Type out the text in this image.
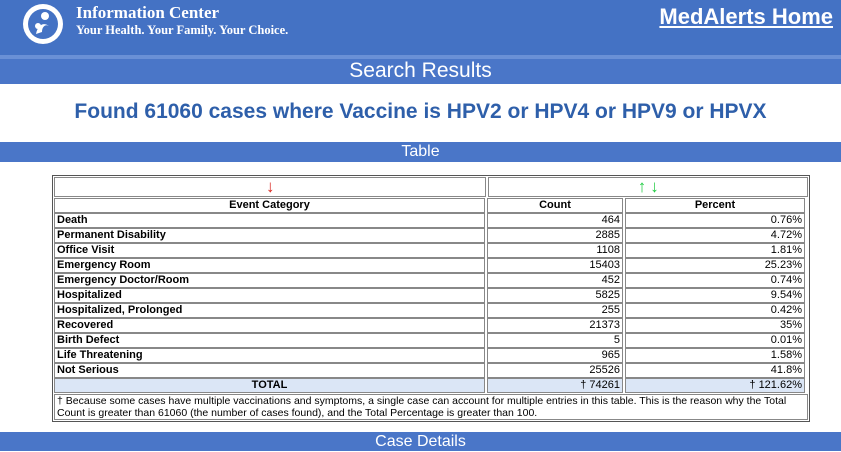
Information Center
Your Health. Your Family. Your Choice.
MedAlerts Home
Search Results
Found 61060 cases where Vaccine is HPV2 or HPV4 or HPV9 or HPVX
Table
↓	↑ ↓
Event Category	Count	Percent
Death	464	0.76%
Permanent Disability	2885	4.72%
Office Visit	1108	1.81%
Emergency Room	15403	25.23%
Emergency Doctor/Room	452	0.74%
Hospitalized	5825	9.54%
Hospitalized, Prolonged	255	0.42%
Recovered	21373	35%
Birth Defect	5	0.01%
Life Threatening	965	1.58%
Not Serious	25526	41.8%
TOTAL	† 74261	† 121.62%
† Because some cases have multiple vaccinations and symptoms, a single case can account for multiple entries in this table. This is the reason why the Total Count is greater than 61060 (the number of cases found), and the Total Percentage is greater than 100.
Case Details
